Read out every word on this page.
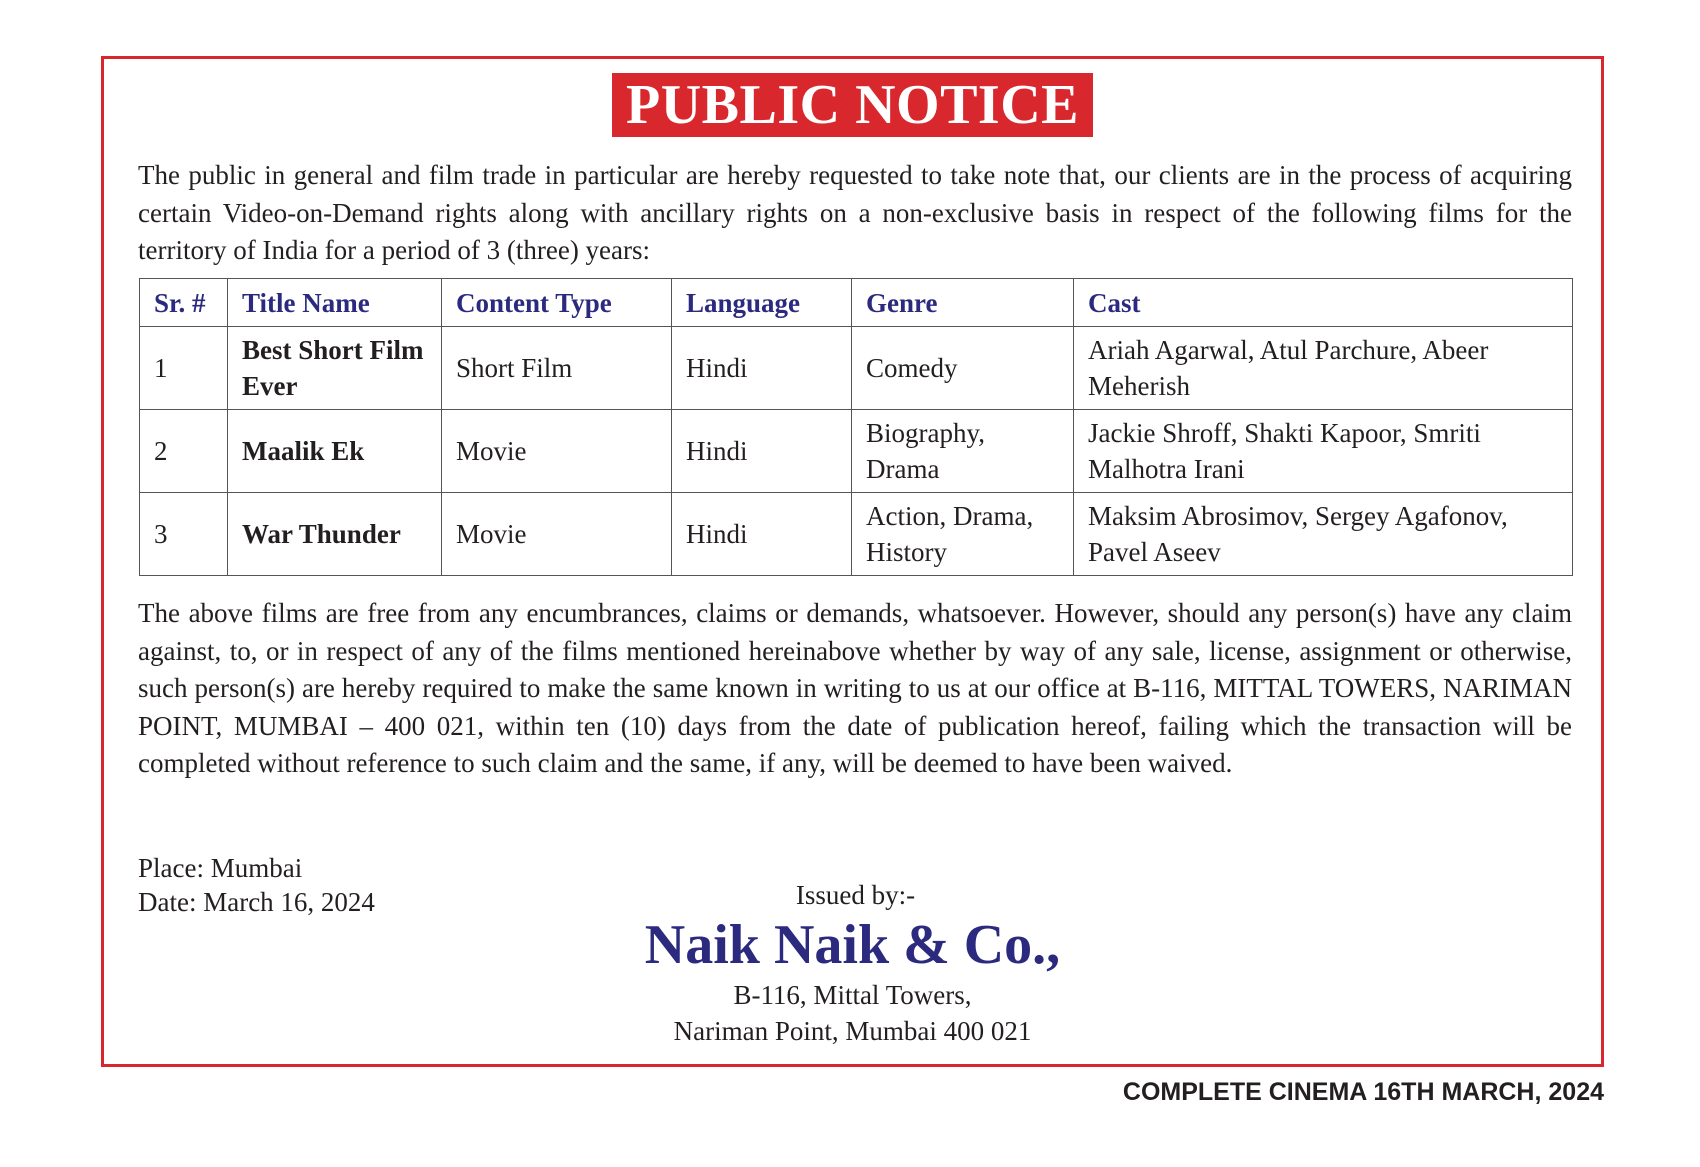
PUBLIC NOTICE
The public in general and film trade in particular are hereby requested to take note that, our clients are in the process of acquiring certain Video-on-Demand rights along with ancillary rights on a non-exclusive basis in respect of the following films for the territory of India for a period of 3 (three) years:
Sr. #	Title Name	Content Type	Language	Genre	Cast
1	Best Short Film Ever	Short Film	Hindi	Comedy	Ariah Agarwal, Atul Parchure, Abeer Meherish
2	Maalik Ek	Movie	Hindi	Biography, Drama	Jackie Shroff, Shakti Kapoor, Smriti Malhotra Irani
3	War Thunder	Movie	Hindi	Action, Drama, History	Maksim Abrosimov, Sergey Agafonov, Pavel Aseev
The above films are free from any encumbrances, claims or demands, whatsoever. However, should any person(s) have any claim against, to, or in respect of any of the films mentioned hereinabove whether by way of any sale, license, assignment or otherwise, such person(s) are hereby required to make the same known in writing to us at our office at B-116, MITTAL TOWERS, NARIMAN POINT, MUMBAI – 400 021, within ten (10) days from the date of publication hereof, failing which the transaction will be completed without reference to such claim and the same, if any, will be deemed to have been waived.
Place: Mumbai
Date: March 16, 2024	Issued by:-
Naik Naik & Co.,
B-116, Mittal Towers,
Nariman Point, Mumbai 400 021
COMPLETE CINEMA 16TH MARCH, 2024
